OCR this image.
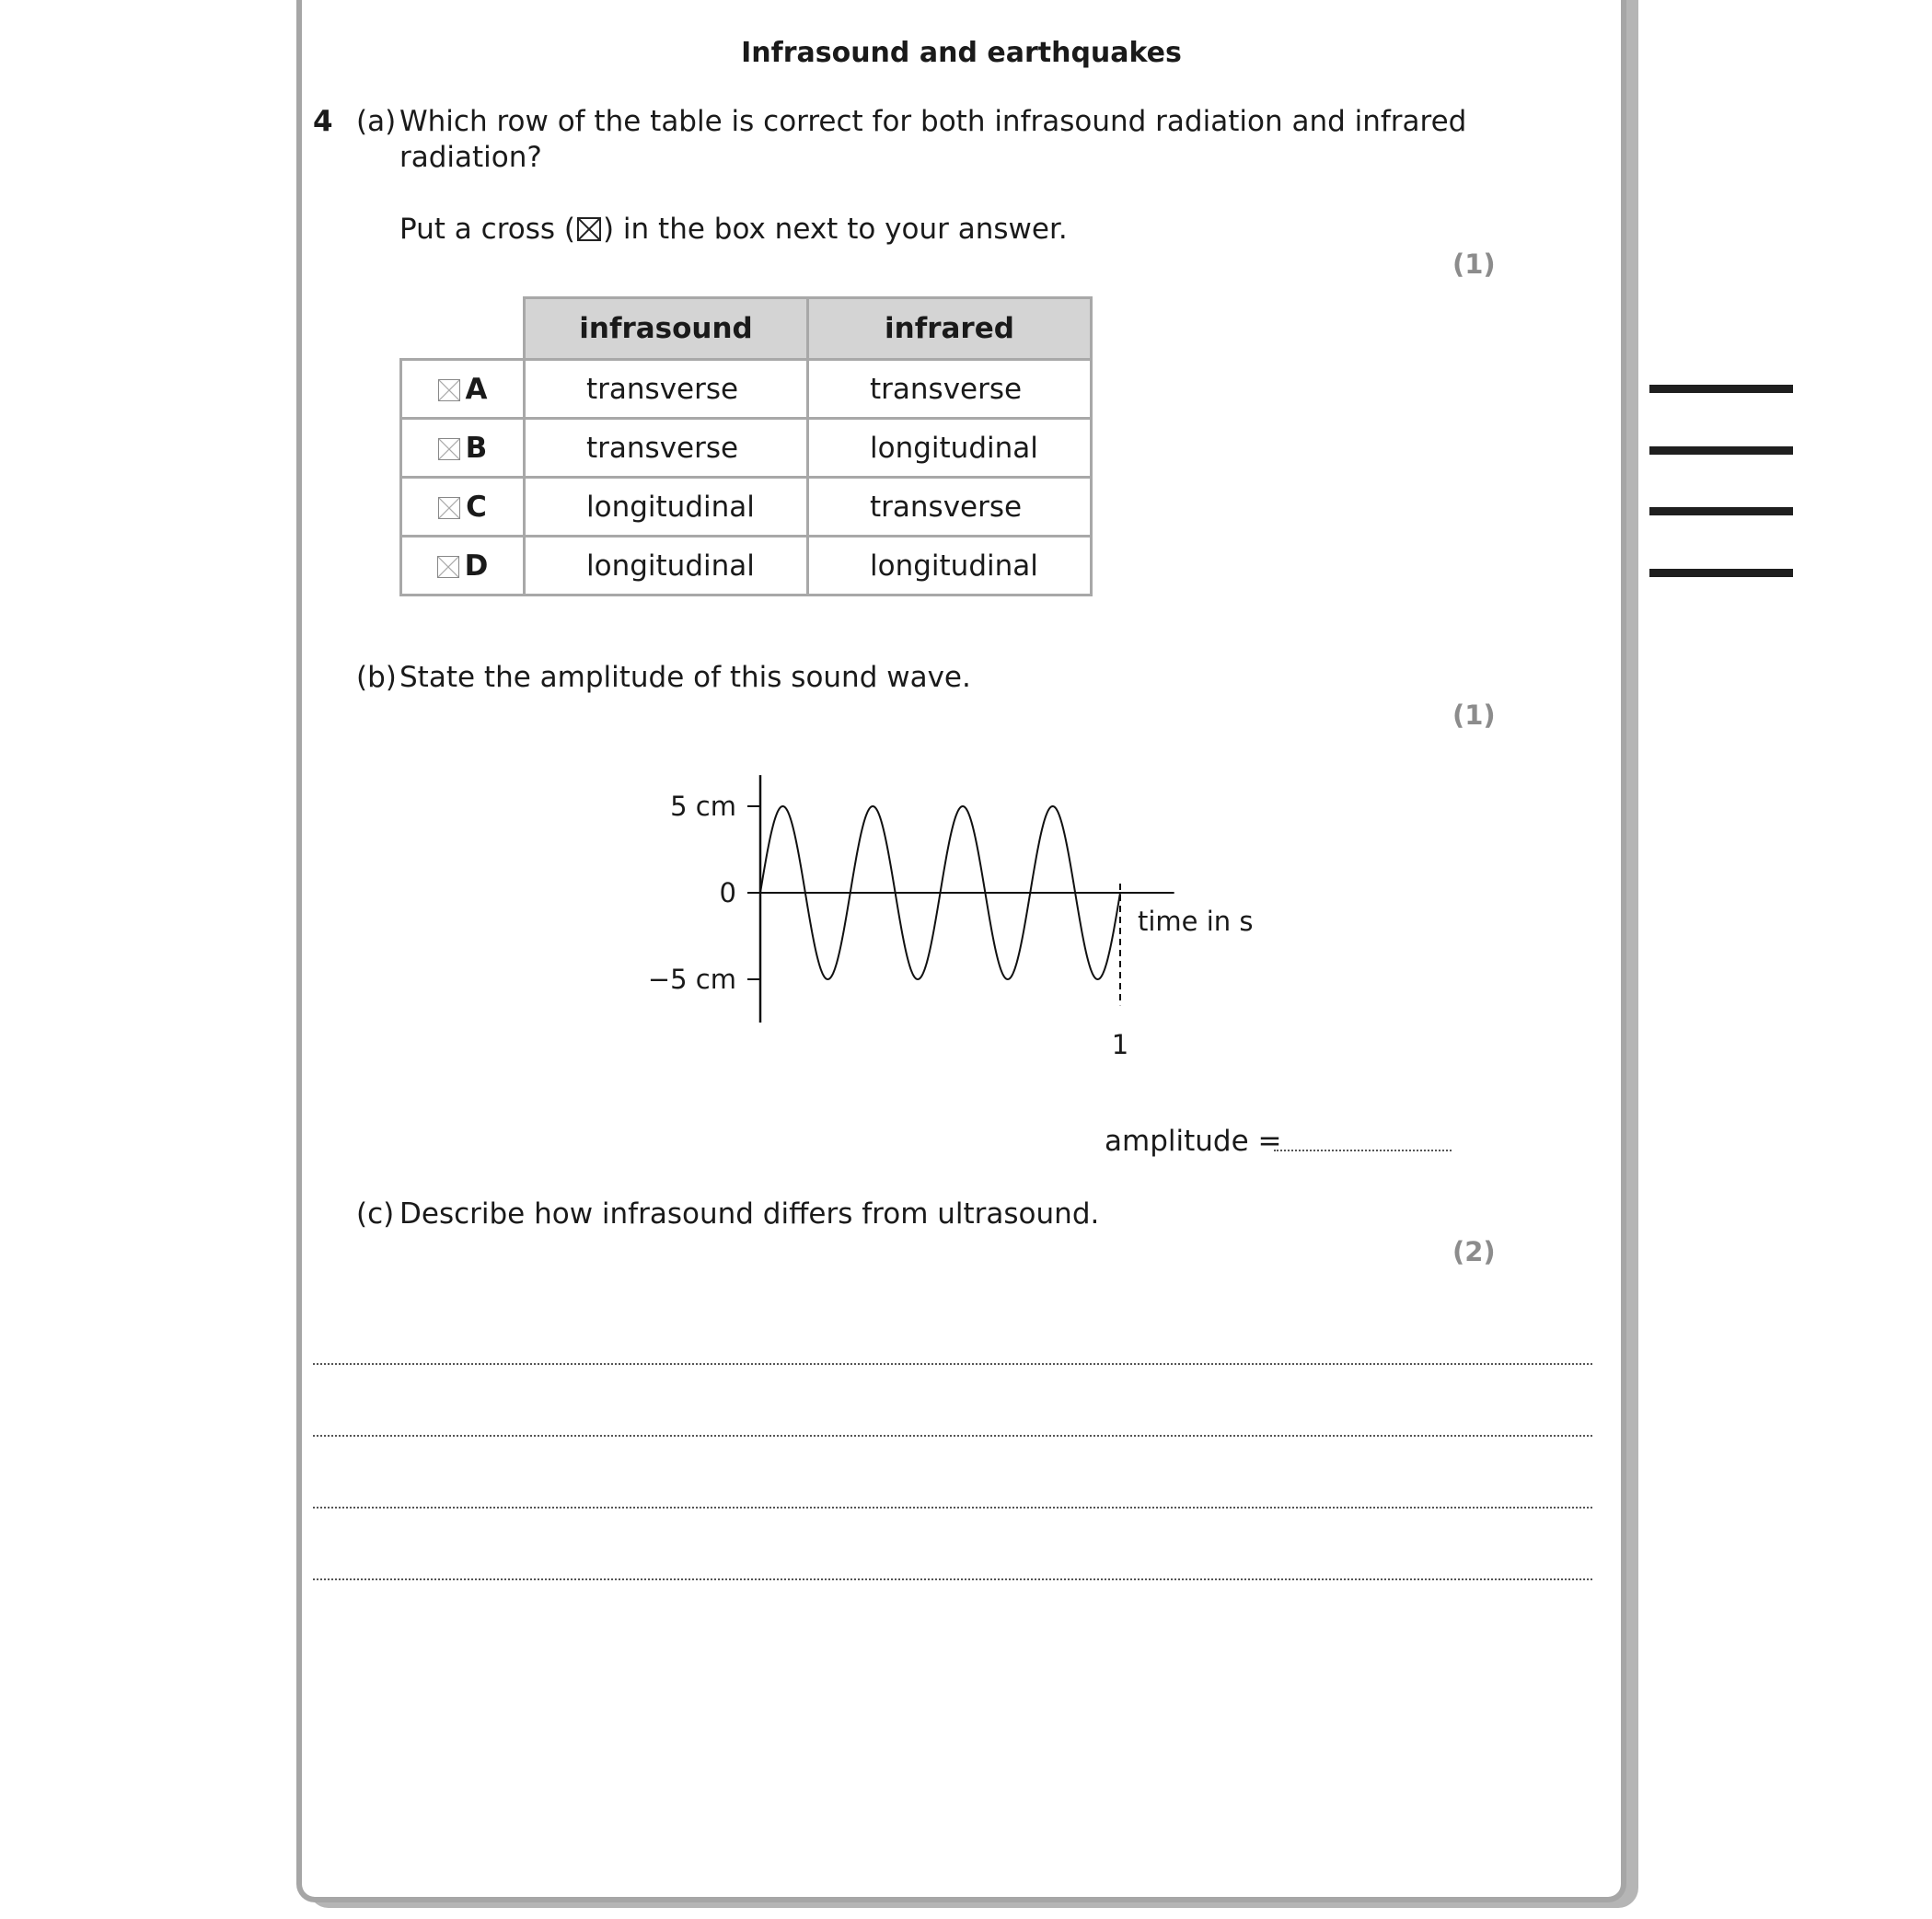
Infrasound and earthquakes
4 (a) Which row of the table is correct for both infrasound radiation and infrared
radiation?
Put a cross ( ☒ ) in the box next to your answer.
(1)
	infrasound	infrared

A	transverse	transverse

B	transverse	longitudinal

C	longitudinal	transverse

D	longitudinal	longitudinal
(b) State the amplitude of this sound wave.
(1)
5 cm
0
−5 cm
1
time in s
amplitude =
(c) Describe how infrasound differs from ultrasound.
(2)
